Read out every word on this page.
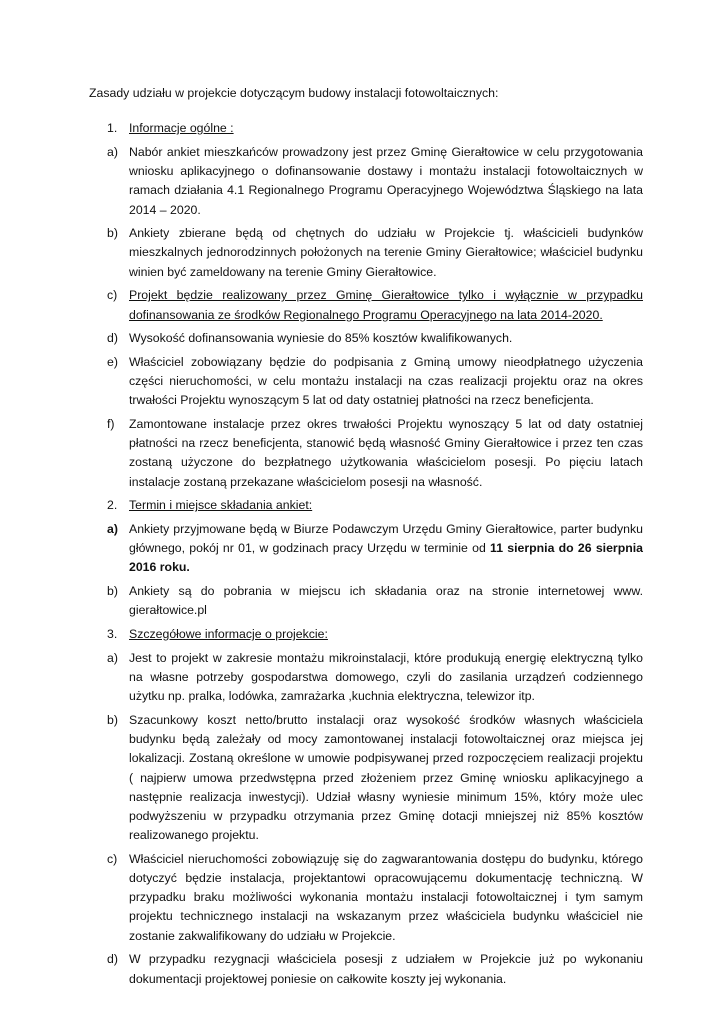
Zasady udziału w projekcie dotyczącym budowy instalacji fotowoltaicznych:

1. Informacje ogólne :
a) Nabór ankiet mieszkańców prowadzony jest przez Gminę Gierałtowice w celu przygotowania wniosku aplikacyjnego o dofinansowanie dostawy i montażu instalacji fotowoltaicznych w ramach działania 4.1 Regionalnego Programu Operacyjnego Województwa Śląskiego na lata 2014 – 2020.
b) Ankiety zbierane będą od chętnych do udziału w Projekcie tj. właścicieli budynków mieszkalnych jednorodzinnych położonych na terenie Gminy Gierałtowice; właściciel budynku winien być zameldowany na terenie Gminy Gierałtowice.
c) Projekt będzie realizowany przez Gminę Gierałtowice tylko i wyłącznie w przypadku dofinansowania ze środków Regionalnego Programu Operacyjnego na lata 2014-2020.
d) Wysokość dofinansowania wyniesie do 85% kosztów kwalifikowanych.
e) Właściciel zobowiązany będzie do podpisania z Gminą umowy nieodpłatnego użyczenia części nieruchomości, w celu montażu instalacji na czas realizacji projektu oraz na okres trwałości Projektu wynoszącym 5 lat od daty ostatniej płatności na rzecz beneficjenta.
f)	Zamontowane instalacje przez okres trwałości Projektu wynoszący 5 lat od daty ostatniej płatności na rzecz beneficjenta, stanowić będą własność Gminy Gierałtowice i przez ten czas zostaną użyczone do bezpłatnego użytkowania właścicielom posesji. Po pięciu latach instalacje zostaną przekazane właścicielom posesji na własność.
2. Termin i miejsce składania ankiet:
a) Ankiety przyjmowane będą w Biurze Podawczym Urzędu Gminy Gierałtowice, parter budynku głównego, pokój nr 01, w godzinach pracy Urzędu w terminie od 11 sierpnia do 26 sierpnia 2016 roku.
b) Ankiety są do pobrania w miejscu ich składania oraz na stronie internetowej www. gierałtowice.pl
3. Szczegółowe informacje o projekcie:
a) Jest to projekt w zakresie montażu mikroinstalacji, które produkują energię elektryczną tylko na własne potrzeby gospodarstwa domowego, czyli do zasilania urządzeń codziennego użytku np. pralka, lodówka, zamrażarka ,kuchnia elektryczna, telewizor itp.
b) Szacunkowy koszt netto/brutto instalacji oraz wysokość środków własnych właściciela budynku będą zależały od mocy zamontowanej instalacji fotowoltaicznej oraz miejsca jej lokalizacji. Zostaną określone w umowie podpisywanej przed rozpoczęciem realizacji projektu ( najpierw umowa przedwstępna przed złożeniem przez Gminę wniosku aplikacyjnego a następnie realizacja inwestycji). Udział własny wyniesie minimum 15%, który może ulec podwyższeniu w przypadku otrzymania przez Gminę dotacji mniejszej niż 85% kosztów realizowanego projektu.
c) Właściciel nieruchomości zobowiązuję się do zagwarantowania dostępu do budynku, którego dotyczyć będzie instalacja, projektantowi opracowującemu dokumentację techniczną. W przypadku braku możliwości wykonania montażu instalacji fotowoltaicznej i tym samym projektu technicznego instalacji na wskazanym przez właściciela budynku właściciel nie zostanie zakwalifikowany do udziału w Projekcie.
d) W przypadku rezygnacji właściciela posesji z udziałem w Projekcie już po wykonaniu dokumentacji projektowej poniesie on całkowite koszty jej wykonania.
